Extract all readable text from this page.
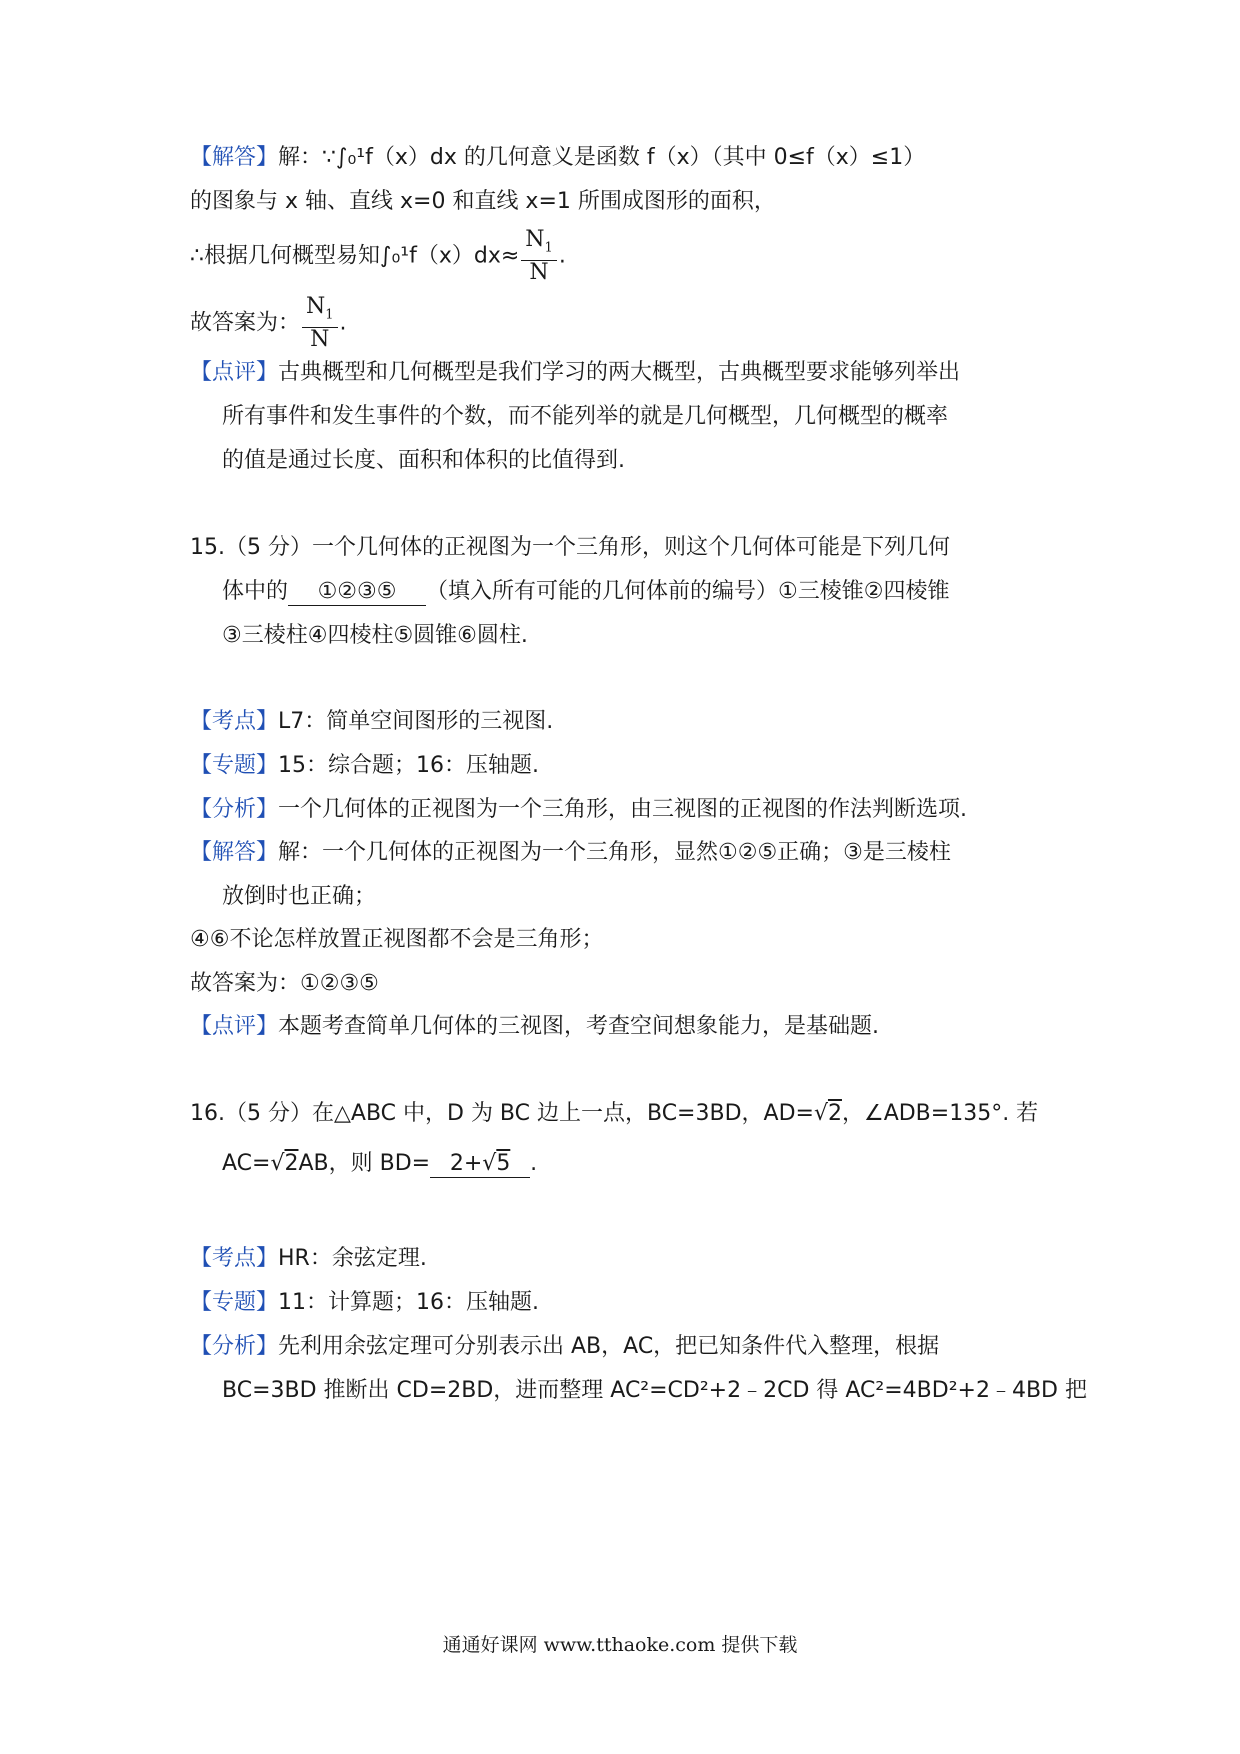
【解答】解：∵∫₀¹f（x）dx 的几何意义是函数 f（x）（其中 0≤f（x）≤1）
的图象与 x 轴、直线 x=0 和直线 x=1 所围成图形的面积，
∴根据几何概型易知$\int_0^1f(x)dx\approx \frac{N_1}{N}$ .
故答案为： $\frac{N_1}{N}$ .
【点评】古典概型和几何概型是我们学习的两大概型，古典概型要求能够列举出
所有事件和发生事件的个数，而不能列举的就是几何概型，几何概型的概率
的值是通过长度、面积和体积的比值得到.
15.（5 分）一个几何体的正视图为一个三角形，则这个几何体可能是下列几何
体中的 ①②③⑤ （填入所有可能的几何体前的编号）①三棱锥②四棱锥
③三棱柱④四棱柱⑤圆锥⑥圆柱.
【考点】L7：简单空间图形的三视图.
【专题】15：综合题；16：压轴题.
【分析】一个几何体的正视图为一个三角形，由三视图的正视图的作法判断选项.
【解答】解：一个几何体的正视图为一个三角形，显然①②⑤正确；③是三棱柱
放倒时也正确；
④⑥不论怎样放置正视图都不会是三角形；
故答案为：①②③⑤
【点评】本题考查简单几何体的三视图，考查空间想象能力，是基础题.
16.（5 分）在△ABC 中，D 为 BC 边上一点，BC=3BD，AD=√2，∠ADB=135°. 若
AC=√2AB，则 BD= 2+√5 .
【考点】HR：余弦定理.
【专题】11：计算题；16：压轴题.
【分析】先利用余弦定理可分别表示出 AB，AC，把已知条件代入整理，根据
BC=3BD 推断出 CD=2BD，进而整理 AC²=CD²+2﹣2CD 得 AC²=4BD²+2﹣4BD 把
通通好课网 www.tthaoke.com 提供下载
